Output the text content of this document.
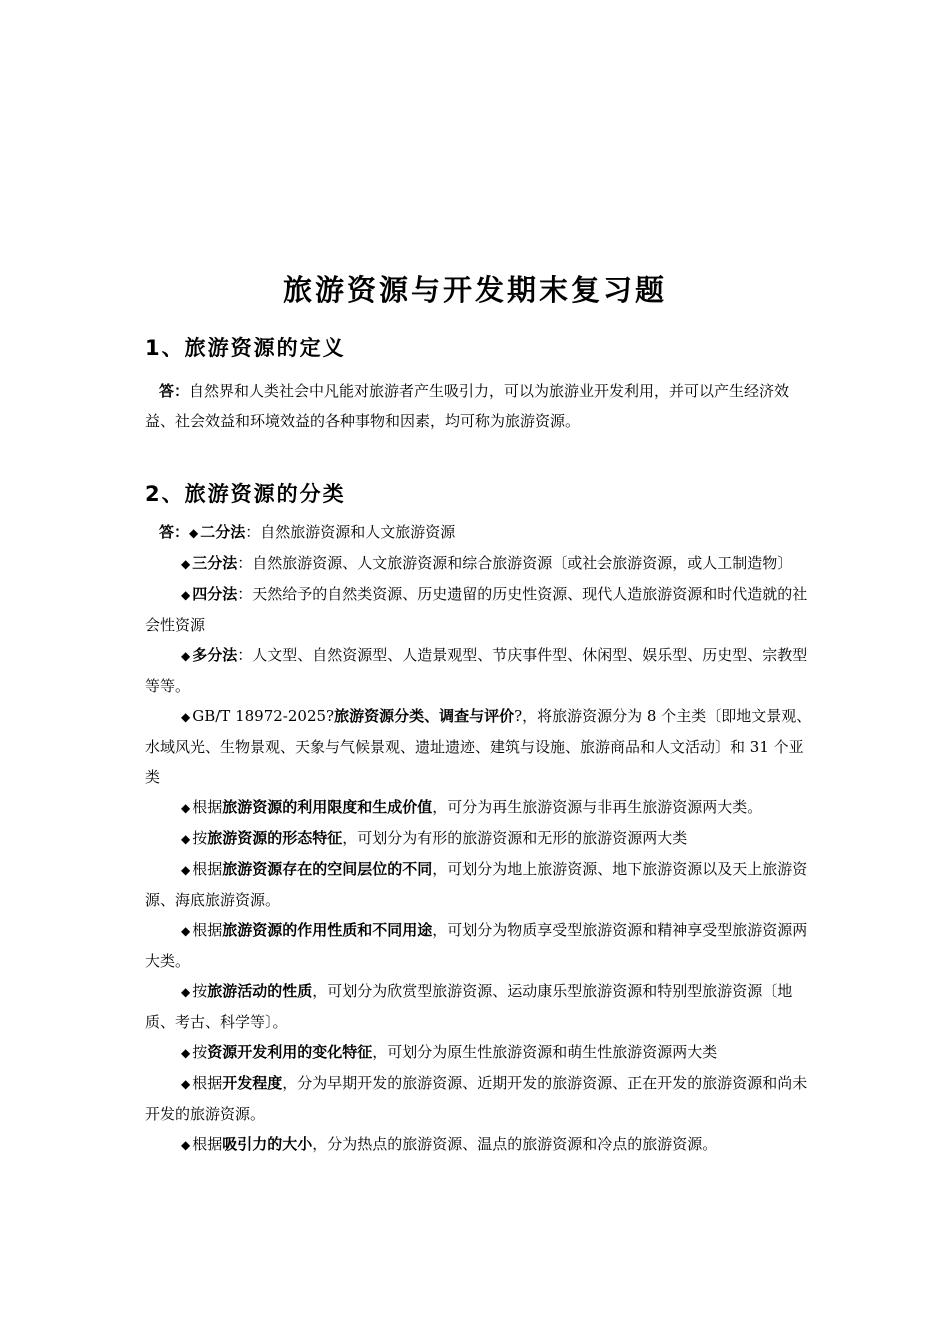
旅游资源与开发期末复习题
1、旅游资源的定义

答：自然界和人类社会中凡能对旅游者产生吸引力，可以为旅游业开发利用，并可以产生经济效益、社会效益和环境效益的各种事物和因素，均可称为旅游资源。

2、旅游资源的分类
答：◆ 二分法：自然旅游资源和人文旅游资源
◆ 三分法：自然旅游资源、人文旅游资源和综合旅游资源〔或社会旅游资源，或人工制造物〕
◆ 四分法：天然给予的自然类资源、历史遗留的历史性资源、现代人造旅游资源和时代造就的社会性资源
◆ 多分法：人文型、自然资源型、人造景观型、节庆事件型、休闲型、娱乐型、历史型、宗教型等等。
◆ GB/T 18972-2025?旅游资源分类、调查与评价?，将旅游资源分为 8 个主类〔即地文景观、水域风光、生物景观、天象与气候景观、遗址遗迹、建筑与设施、旅游商品和人文活动〕和 31 个亚类
◆ 根据旅游资源的利用限度和生成价值，可分为再生旅游资源与非再生旅游资源两大类。
◆ 按旅游资源的形态特征，可划分为有形的旅游资源和无形的旅游资源两大类
◆ 根据旅游资源存在的空间层位的不同，可划分为地上旅游资源、地下旅游资源以及天上旅游资源、海底旅游资源。
◆ 根据旅游资源的作用性质和不同用途，可划分为物质享受型旅游资源和精神享受型旅游资源两大类。
◆ 按旅游活动的性质，可划分为欣赏型旅游资源、运动康乐型旅游资源和特别型旅游资源〔地质、考古、科学等〕。
◆ 按资源开发利用的变化特征，可划分为原生性旅游资源和萌生性旅游资源两大类
◆ 根据开发程度，分为早期开发的旅游资源、近期开发的旅游资源、正在开发的旅游资源和尚未开发的旅游资源。
◆ 根据吸引力的大小，分为热点的旅游资源、温点的旅游资源和冷点的旅游资源。
